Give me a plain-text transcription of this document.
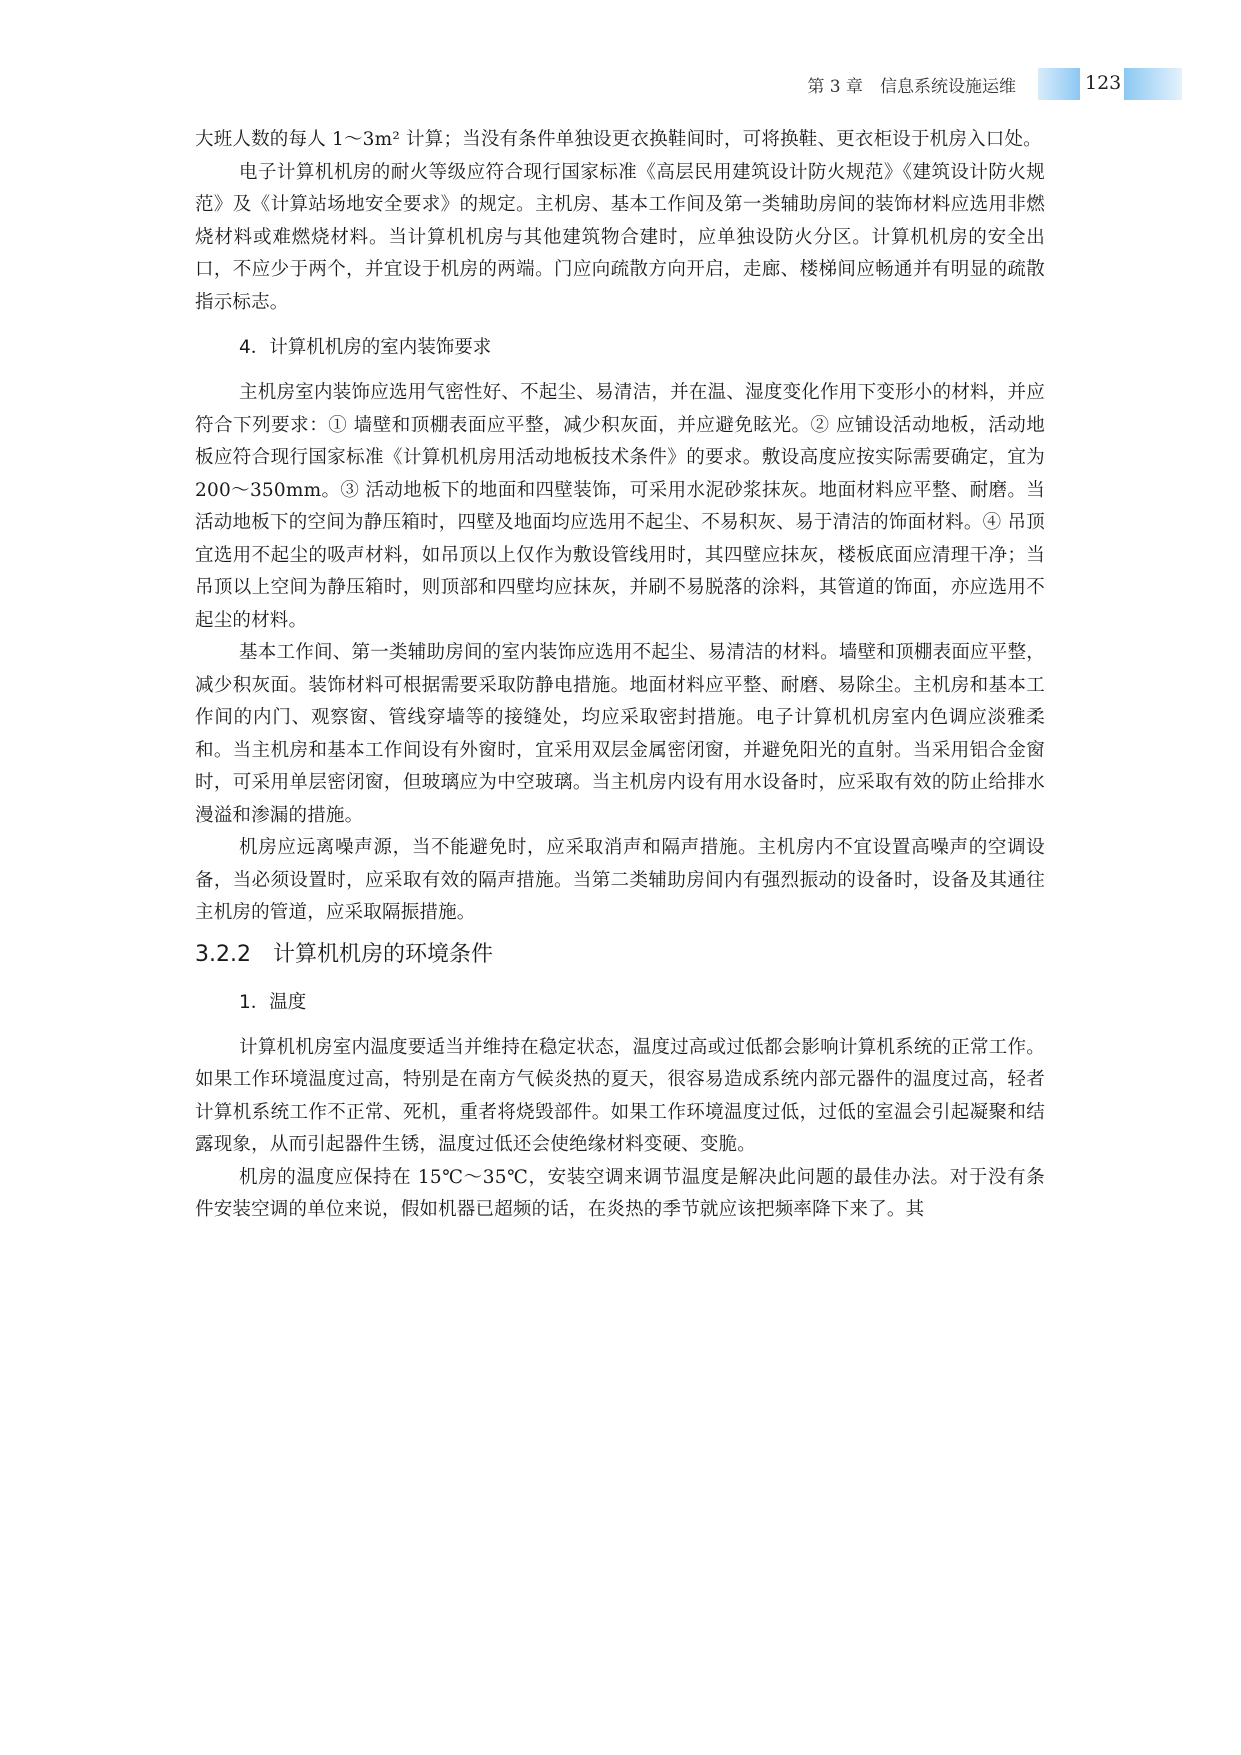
第 3 章　信息系统设施运维	123

大班人数的每人 1～3m² 计算；当没有条件单独设更衣换鞋间时，可将换鞋、更衣柜设于机房入口处。

电子计算机机房的耐火等级应符合现行国家标准《高层民用建筑设计防火规范》《建筑设计防火规范》及《计算站场地安全要求》的规定。主机房、基本工作间及第一类辅助房间的装饰材料应选用非燃烧材料或难燃烧材料。当计算机机房与其他建筑物合建时，应单独设防火分区。计算机机房的安全出口，不应少于两个，并宜设于机房的两端。门应向疏散方向开启，走廊、楼梯间应畅通并有明显的疏散指示标志。

4．计算机机房的室内装饰要求

主机房室内装饰应选用气密性好、不起尘、易清洁，并在温、湿度变化作用下变形小的材料，并应符合下列要求：① 墙壁和顶棚表面应平整，减少积灰面，并应避免眩光。② 应铺设活动地板，活动地板应符合现行国家标准《计算机机房用活动地板技术条件》的要求。敷设高度应按实际需要确定，宜为 200～350mm。③ 活动地板下的地面和四壁装饰，可采用水泥砂浆抹灰。地面材料应平整、耐磨。当活动地板下的空间为静压箱时，四壁及地面均应选用不起尘、不易积灰、易于清洁的饰面材料。④ 吊顶宜选用不起尘的吸声材料，如吊顶以上仅作为敷设管线用时，其四壁应抹灰，楼板底面应清理干净；当吊顶以上空间为静压箱时，则顶部和四壁均应抹灰，并刷不易脱落的涂料，其管道的饰面，亦应选用不起尘的材料。

基本工作间、第一类辅助房间的室内装饰应选用不起尘、易清洁的材料。墙壁和顶棚表面应平整，减少积灰面。装饰材料可根据需要采取防静电措施。地面材料应平整、耐磨、易除尘。主机房和基本工作间的内门、观察窗、管线穿墙等的接缝处，均应采取密封措施。电子计算机机房室内色调应淡雅柔和。当主机房和基本工作间设有外窗时，宜采用双层金属密闭窗，并避免阳光的直射。当采用铝合金窗时，可采用单层密闭窗，但玻璃应为中空玻璃。当主机房内设有用水设备时，应采取有效的防止给排水漫溢和渗漏的措施。

机房应远离噪声源，当不能避免时，应采取消声和隔声措施。主机房内不宜设置高噪声的空调设备，当必须设置时，应采取有效的隔声措施。当第二类辅助房间内有强烈振动的设备时，设备及其通往主机房的管道，应采取隔振措施。

3.2.2 计算机机房的环境条件
1．温度

计算机机房室内温度要适当并维持在稳定状态，温度过高或过低都会影响计算机系统的正常工作。如果工作环境温度过高，特别是在南方气候炎热的夏天，很容易造成系统内部元器件的温度过高，轻者计算机系统工作不正常、死机，重者将烧毁部件。如果工作环境温度过低，过低的室温会引起凝聚和结露现象，从而引起器件生锈，温度过低还会使绝缘材料变硬、变脆。

机房的温度应保持在 15℃～35℃，安装空调来调节温度是解决此问题的最佳办法。对于没有条件安装空调的单位来说，假如机器已超频的话，在炎热的季节就应该把频率降下来了。其
